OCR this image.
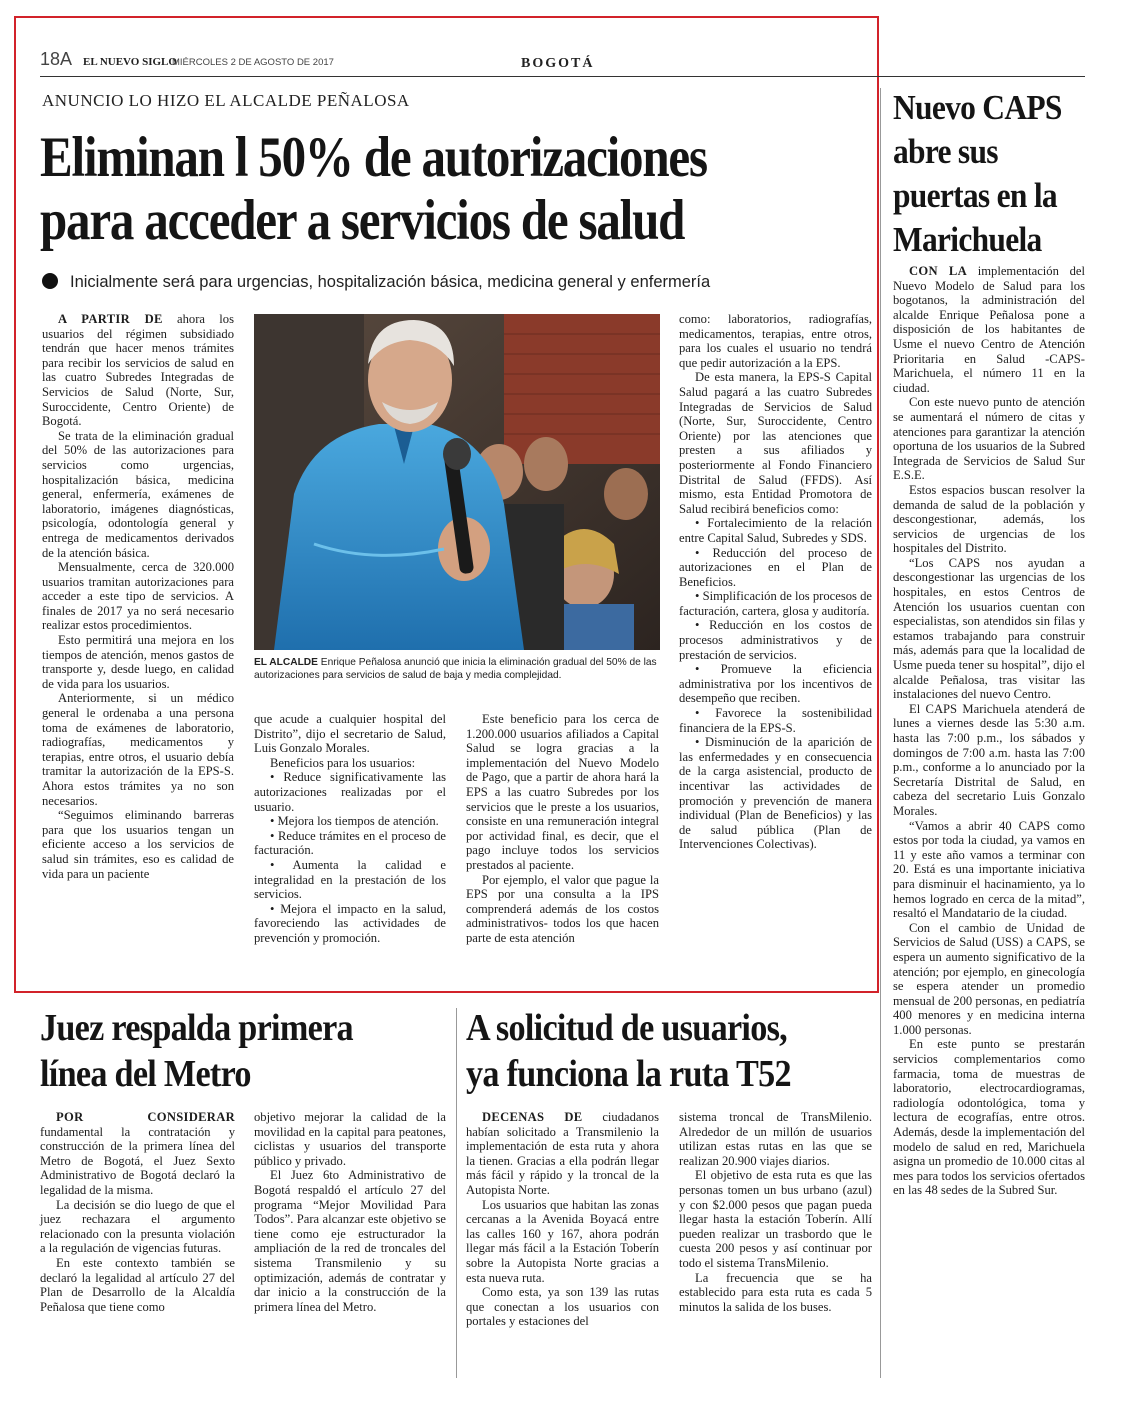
18A EL NUEVO SIGLO
MIÉRCOLES 2 DE AGOSTO DE 2017	BOGOTÁ
ANUNCIO LO HIZO EL ALCALDE PEÑALOSA
Eliminan l 50% de autorizaciones
para acceder a servicios de salud
Inicialmente será para urgencias, hospitalización básica, medicina general y enfermería

A PARTIR DE ahora los usuarios del régimen subsidiado tendrán que hacer menos trámites para recibir los servicios de salud en las cuatro Subredes Integradas de Servicios de Salud (Norte, Sur, Suroccidente, Centro Oriente) de Bogotá.

Se trata de la eliminación gradual del 50% de las autorizaciones para servicios como urgencias, hospitalización básica, medicina general, enfermería, exámenes de laboratorio, imágenes diagnósticas, psicología, odontología general y entrega de medicamentos derivados de la atención básica.

Mensualmente, cerca de 320.000 usuarios tramitan autorizaciones para acceder a este tipo de servicios. A finales de 2017 ya no será necesario realizar estos procedimientos.

Esto permitirá una mejora en los tiempos de atención, menos gastos de transporte y, desde luego, en calidad de vida para los usuarios.

Anteriormente, si un médico general le ordenaba a una persona toma de exámenes de laboratorio, radiografías, medicamentos y terapias, entre otros, el usuario debía tramitar la autorización de la EPS-S. Ahora estos trámites ya no son necesarios.

“Seguimos eliminando barreras para que los usuarios tengan un eficiente acceso a los servicios de salud sin trámites, eso es calidad de vida para un paciente

EL ALCALDE Enrique Peñalosa anunció que inicia la eliminación gradual del 50% de las autorizaciones para servicios de salud de baja y media complejidad.

que acude a cualquier hospital del Distrito”, dijo el secretario de Salud, Luis Gonzalo Morales.

Beneficios para los usuarios:

• Reduce significativamente las autorizaciones realizadas por el usuario.

• Mejora los tiempos de atención.

• Reduce trámites en el proceso de facturación.

• Aumenta la calidad e integralidad en la prestación de los servicios.

• Mejora el impacto en la salud, favoreciendo las actividades de prevención y promoción.

Este beneficio para los cerca de 1.200.000 usuarios afiliados a Capital Salud se logra gracias a la implementación del Nuevo Modelo de Pago, que a partir de ahora hará la EPS a las cuatro Subredes por los servicios que le preste a los usuarios, consiste en una remuneración integral por actividad final, es decir, que el pago incluye todos los servicios prestados al paciente.

Por ejemplo, el valor que pague la EPS por una consulta a la IPS comprenderá además de los costos administrativos- todos los que hacen parte de esta atención

como: laboratorios, radiografías, medicamentos, terapias, entre otros, para los cuales el usuario no tendrá que pedir autorización a la EPS.

De esta manera, la EPS-S Capital Salud pagará a las cuatro Subredes Integradas de Servicios de Salud (Norte, Sur, Suroccidente, Centro Oriente) por las atenciones que presten a sus afiliados y posteriormente al Fondo Financiero Distrital de Salud (FFDS). Así mismo, esta Entidad Promotora de Salud recibirá beneficios como:

• Fortalecimiento de la relación entre Capital Salud, Subredes y SDS.

• Reducción del proceso de autorizaciones en el Plan de Beneficios.

• Simplificación de los procesos de facturación, cartera, glosa y auditoría.

• Reducción en los costos de procesos administrativos y de prestación de servicios.

• Promueve la eficiencia administrativa por los incentivos de desempeño que reciben.

• Favorece la sostenibilidad financiera de la EPS-S.

• Disminución de la aparición de las enfermedades y en consecuencia de la carga asistencial, producto de incentivar las actividades de promoción y prevención de manera individual (Plan de Beneficios) y las de salud pública (Plan de Intervenciones Colectivas).

Nuevo CAPS
abre sus
puertas en la
Marichuela

CON LA implementación del Nuevo Modelo de Salud para los bogotanos, la administración del alcalde Enrique Peñalosa pone a disposición de los habitantes de Usme el nuevo Centro de Atención Prioritaria en Salud -CAPS- Marichuela, el número 11 en la ciudad.

Con este nuevo punto de atención se aumentará el número de citas y atenciones para garantizar la atención oportuna de los usuarios de la Subred Integrada de Servicios de Salud Sur E.S.E.

Estos espacios buscan resolver la demanda de salud de la población y descongestionar, además, los servicios de urgencias de los hospitales del Distrito.

“Los CAPS nos ayudan a descongestionar las urgencias de los hospitales, en estos Centros de Atención los usuarios cuentan con especialistas, son atendidos sin filas y estamos trabajando para construir más, además para que la localidad de Usme pueda tener su hospital”, dijo el alcalde Peñalosa, tras visitar las instalaciones del nuevo Centro.

El CAPS Marichuela atenderá de lunes a viernes desde las 5:30 a.m. hasta las 7:00 p.m., los sábados y domingos de 7:00 a.m. hasta las 7:00 p.m., conforme a lo anunciado por la Secretaría Distrital de Salud, en cabeza del secretario Luis Gonzalo Morales.

“Vamos a abrir 40 CAPS como estos por toda la ciudad, ya vamos en 11 y este año vamos a terminar con 20. Está es una importante iniciativa para disminuir el hacinamiento, ya lo hemos logrado en cerca de la mitad”, resaltó el Mandatario de la ciudad.

Con el cambio de Unidad de Servicios de Salud (USS) a CAPS, se espera un aumento significativo de la atención; por ejemplo, en ginecología se espera atender un promedio mensual de 200 personas, en pediatría 400 menores y en medicina interna 1.000 personas.

En este punto se prestarán servicios complementarios como farmacia, toma de muestras de laboratorio, electrocardiogramas, radiología odontológica, toma y lectura de ecografías, entre otros. Además, desde la implementación del modelo de salud en red, Marichuela asigna un promedio de 10.000 citas al mes para todos los servicios ofertados en las 48 sedes de la Subred Sur.

Juez respalda primera
línea del Metro

POR CONSIDERAR fundamental la contratación y construcción de la primera línea del Metro de Bogotá, el Juez Sexto Administrativo de Bogotá declaró la legalidad de la misma.

La decisión se dio luego de que el juez rechazara el argumento relacionado con la presunta violación a la regulación de vigencias futuras.

En este contexto también se declaró la legalidad al artículo 27 del Plan de Desarrollo de la Alcaldía Peñalosa que tiene como

objetivo mejorar la calidad de la movilidad en la capital para peatones, ciclistas y usuarios del transporte público y privado.

El Juez 6to Administrativo de Bogotá respaldó el artículo 27 del programa “Mejor Movilidad Para Todos”. Para alcanzar este objetivo se tiene como eje estructurador la ampliación de la red de troncales del sistema Transmilenio y su optimización, además de contratar y dar inicio a la construcción de la primera línea del Metro.

A solicitud de usuarios,
ya funciona la ruta T52

DECENAS DE ciudadanos habían solicitado a Transmilenio la implementación de esta ruta y ahora la tienen. Gracias a ella podrán llegar más fácil y rápido y la troncal de la Autopista Norte.

Los usuarios que habitan las zonas cercanas a la Avenida Boyacá entre las calles 160 y 167, ahora podrán llegar más fácil a la Estación Toberín sobre la Autopista Norte gracias a esta nueva ruta.

Como esta, ya son 139 las rutas que conectan a los usuarios con portales y estaciones del

sistema troncal de TransMilenio. Alrededor de un millón de usuarios utilizan estas rutas en las que se realizan 20.900 viajes diarios.

El objetivo de esta ruta es que las personas tomen un bus urbano (azul) y con $2.000 pesos que pagan pueda llegar hasta la estación Toberín. Allí pueden realizar un trasbordo que le cuesta 200 pesos y así continuar por todo el sistema TransMilenio.

La frecuencia que se ha establecido para esta ruta es cada 5 minutos la salida de los buses.
